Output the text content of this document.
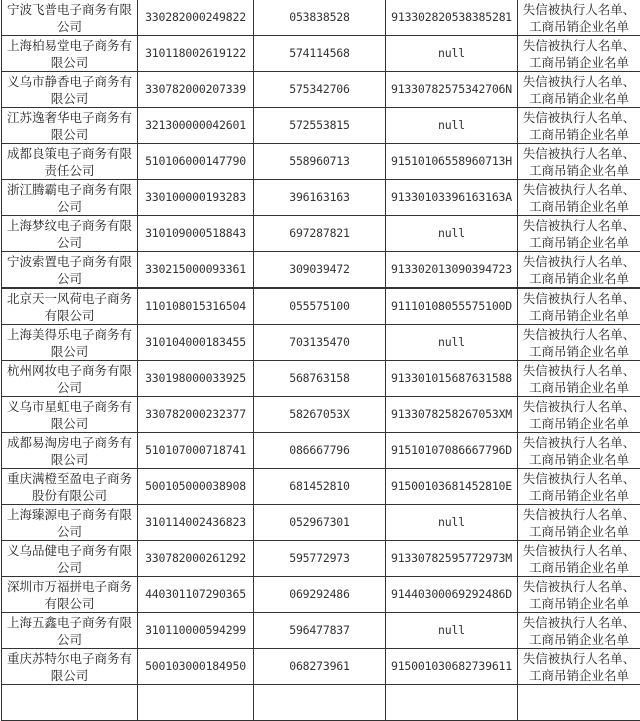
宁波飞普电子商务有限公司	330282000249822	053838528	91330282053838528 1	失信被执行人名单、工商吊销企业名单
上海柏易堂电子商务有限公司	310118002619122	574114568	null	失信被执行人名单、工商吊销企业名单
义乌市静香电子商务有限公司	330782000207339	575342706	91330782575342706N	失信被执行人名单、工商吊销企业名单
江苏逸奢华电子商务有限公司	321300000042601	572553815	null	失信被执行人名单、工商吊销企业名单
成都良策电子商务有限责任公司	510106000147790	558960713	91510106558960713H	失信被执行人名单、工商吊销企业名单
浙江腾霸电子商务有限公司	330100000193283	396163163	91330103396163163A	失信被执行人名单、工商吊销企业名单
上海梦纹电子商务有限公司	310109000518843	697287821	null	失信被执行人名单、工商吊销企业名单
宁波索置电子商务有限公司	330215000093361	309039472	913302013090394723	失信被执行人名单、工商吊销企业名单
北京天一风荷电子商务有限公司	110108015316504	055575100	91110108055575100D	失信被执行人名单、工商吊销企业名单
上海美得乐电子商务有限公司	310104000183455	703135470	null	失信被执行人名单、工商吊销企业名单
杭州网妆电子商务有限公司	330198000033925	568763158	913301015687631588	失信被执行人名单、工商吊销企业名单
义乌市星虹电子商务有限公司	330782000232377	58267053X	9133078258267053XM	失信被执行人名单、工商吊销企业名单
成都易淘房电子商务有限公司	510107000718741	086667796	91510107086667796D	失信被执行人名单、工商吊销企业名单
重庆满橙至盈电子商务股份有限公司	500105000038908	681452810	91500103681452810E	失信被执行人名单、工商吊销企业名单
上海臻源电子商务有限公司	310114002436823	052967301	null	失信被执行人名单、工商吊销企业名单
义乌品健电子商务有限公司	330782000261292	595772973	91330782595772973M	失信被执行人名单、工商吊销企业名单
深圳市万福拼电子商务有限公司	440301107290365	069292486	91440300069292486D	失信被执行人名单、工商吊销企业名单
上海五鑫电子商务有限公司	310110000594299	596477837	null	失信被执行人名单、工商吊销企业名单
重庆苏特尔电子商务有限公司	500103000184950	068273961	915001030682739611	失信被执行人名单、工商吊销企业名单
